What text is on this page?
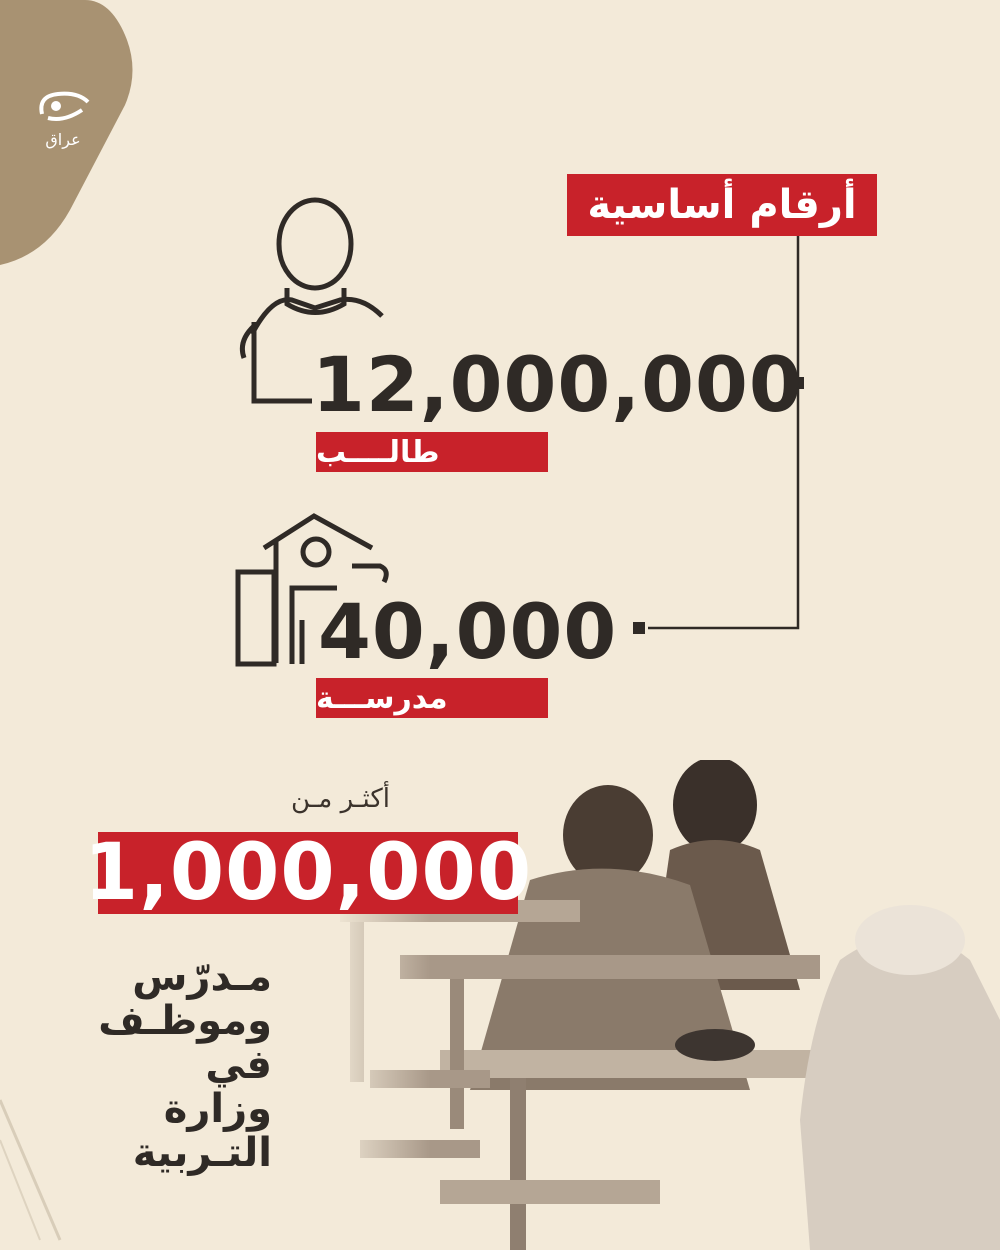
عراق
أرقام أساسية
12,000,000
طالــــب
40,000
مدرســـة
أكثـر مـن
1,000,000
مـدرّس
وموظـف
في وزارة
التـربية
